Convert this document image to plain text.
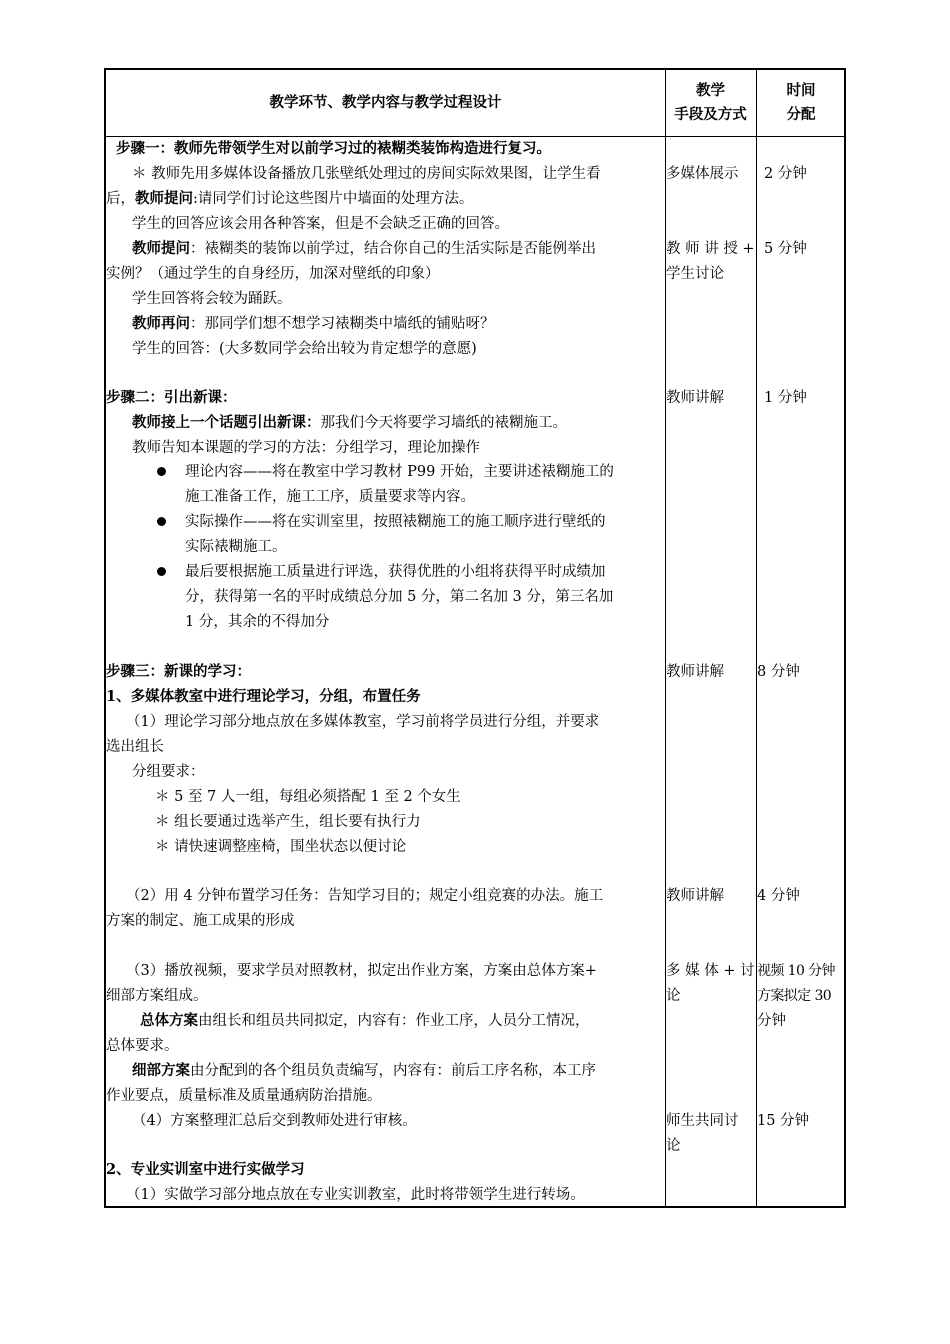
教学环节、教学内容与教学过程设计
教学
手段及方式
时间
分配
步骤一：教师先带领学生对以前学习过的裱糊类装饰构造进行复习。
＊ 教师先用多媒体设备播放几张壁纸处理过的房间实际效果图，让学生看
后，教师提问:请同学们讨论这些图片中墙面的处理方法。
学生的回答应该会用各种答案，但是不会缺乏正确的回答。
教师提问：裱糊类的装饰以前学过，结合你自己的生活实际是否能例举出
实例？（通过学生的自身经历，加深对壁纸的印象）
学生回答将会较为踊跃。
教师再问：那同学们想不想学习裱糊类中墙纸的铺贴呀？
学生的回答：(大多数同学会给出较为肯定想学的意愿)
步骤二：引出新课：
教师接上一个话题引出新课：那我们今天将要学习墙纸的裱糊施工。
教师告知本课题的学习的方法：分组学习，理论加操作
理论内容——将在教室中学习教材 P99 开始，主要讲述裱糊施工的
施工准备工作，施工工序，质量要求等内容。
实际操作——将在实训室里，按照裱糊施工的施工顺序进行壁纸的
实际裱糊施工。
最后要根据施工质量进行评选，获得优胜的小组将获得平时成绩加
分，获得第一名的平时成绩总分加 5 分，第二名加 3 分，第三名加
1 分，其余的不得加分
步骤三：新课的学习：
1、多媒体教室中进行理论学习，分组，布置任务
（1）理论学习部分地点放在多媒体教室，学习前将学员进行分组，并要求
选出组长
分组要求：
＊ 5 至 7 人一组，每组必须搭配 1 至 2 个女生
＊ 组长要通过选举产生，组长要有执行力
＊ 请快速调整座椅，围坐状态以便讨论
（2）用 4 分钟布置学习任务：告知学习目的；规定小组竞赛的办法。施工
方案的制定、施工成果的形成
（3）播放视频，要求学员对照教材，拟定出作业方案，方案由总体方案+
细部方案组成。
总体方案由组长和组员共同拟定，内容有：作业工序，人员分工情况，
总体要求。
细部方案由分配到的各个组员负责编写，内容有：前后工序名称，本工序
作业要点，质量标准及质量通病防治措施。
（4）方案整理汇总后交到教师处进行审核。
2、专业实训室中进行实做学习
（1）实做学习部分地点放在专业实训教室，此时将带领学生进行转场。
多媒体展示
教 师 讲 授 +
学生讨论
教师讲解
教师讲解
教师讲解
多 媒 体 + 讨
论
师生共同讨
论
2 分钟
5 分钟
1 分钟
8 分钟
4 分钟
视频 10 分钟
方案拟定 30
分钟
15 分钟
